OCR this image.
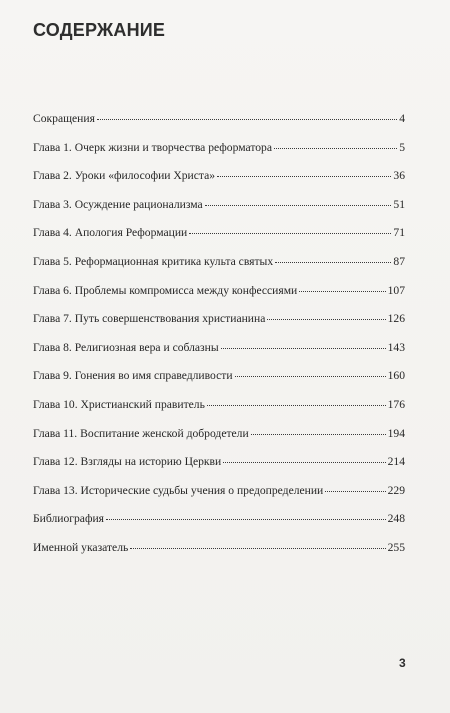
СОДЕРЖАНИЕ
Сокращения	4
Глава 1. Очерк жизни и творчества реформатора	5
Глава 2. Уроки «философии Христа»	36
Глава 3. Осуждение рационализма	51
Глава 4. Апология Реформации	71
Глава 5. Реформационная критика культа святых	87
Глава 6. Проблемы компромисса между конфессиями	107
Глава 7. Путь совершенствования христианина	126
Глава 8. Религиозная вера и соблазны	143
Глава 9. Гонения во имя справедливости	160
Глава 10. Христианский правитель	176
Глава 11. Воспитание женской добродетели	194
Глава 12. Взгляды на историю Церкви	214
Глава 13. Исторические судьбы учения о предопределении	229
Библиография	248
Именной указатель	255
3
